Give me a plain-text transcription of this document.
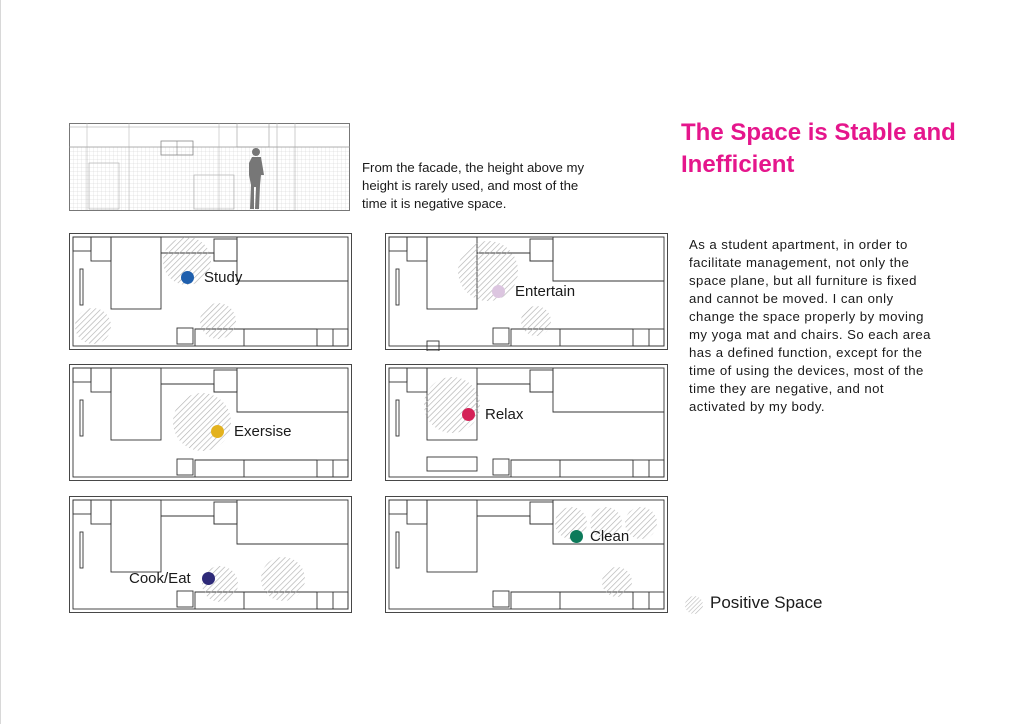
From the facade, the height above my height is rarely used, and most of the time it is negative space.
The Space is Stable and Inefficient
As a student apartment, in order to facilitate management, not only the space plane, but all furniture is fixed and cannot be moved. I can only change the space properly by moving my yoga mat and chairs. So each area has a defined function, except for the time of using the devices, most of the time they are negative, and not activated by my body.
Study
Entertain
Exersise
Relax
Cook/Eat
Clean
Positive Space
